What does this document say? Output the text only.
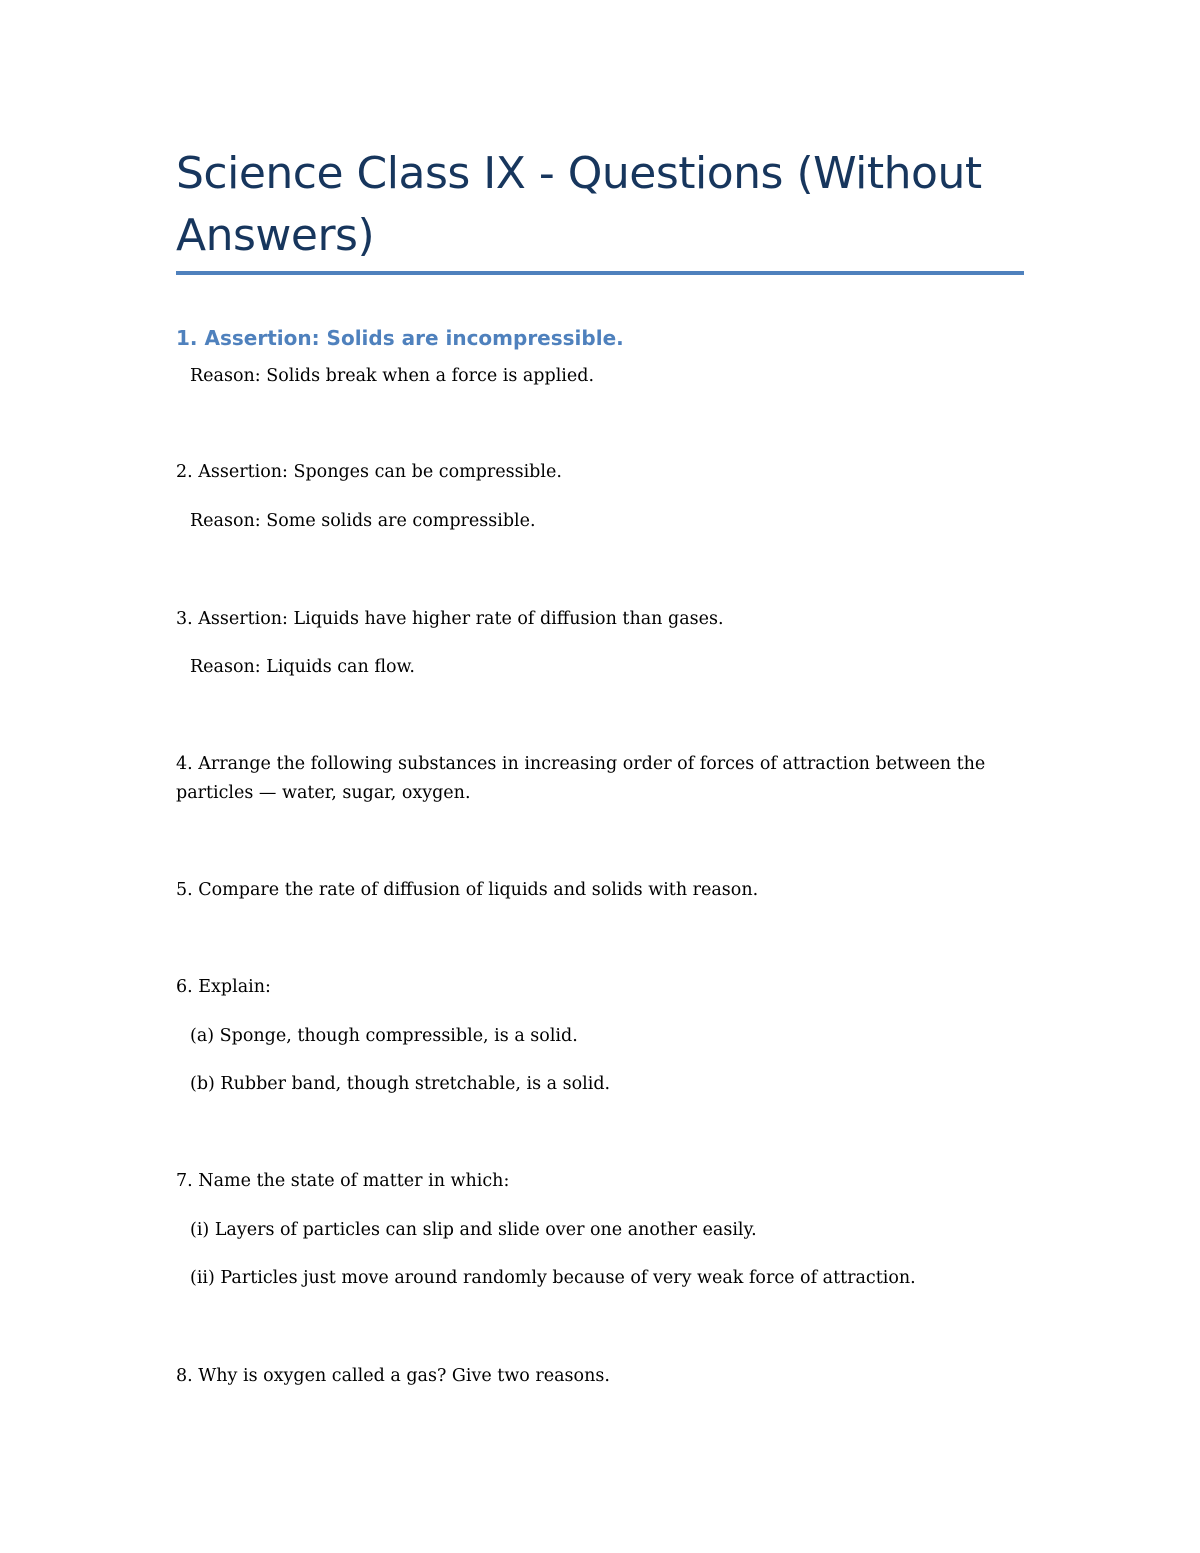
Science Class IX - Questions (Without Answers)
1. Assertion: Solids are incompressible.

Reason: Solids break when a force is applied.

2. Assertion: Sponges can be compressible.

Reason: Some solids are compressible.

3. Assertion: Liquids have higher rate of diffusion than gases.

Reason: Liquids can flow.

4. Arrange the following substances in increasing order of forces of attraction between the particles — water, sugar, oxygen.

5. Compare the rate of diffusion of liquids and solids with reason.

6. Explain:

(a) Sponge, though compressible, is a solid.

(b) Rubber band, though stretchable, is a solid.

7. Name the state of matter in which:

(i) Layers of particles can slip and slide over one another easily.

(ii) Particles just move around randomly because of very weak force of attraction.

8. Why is oxygen called a gas? Give two reasons.
